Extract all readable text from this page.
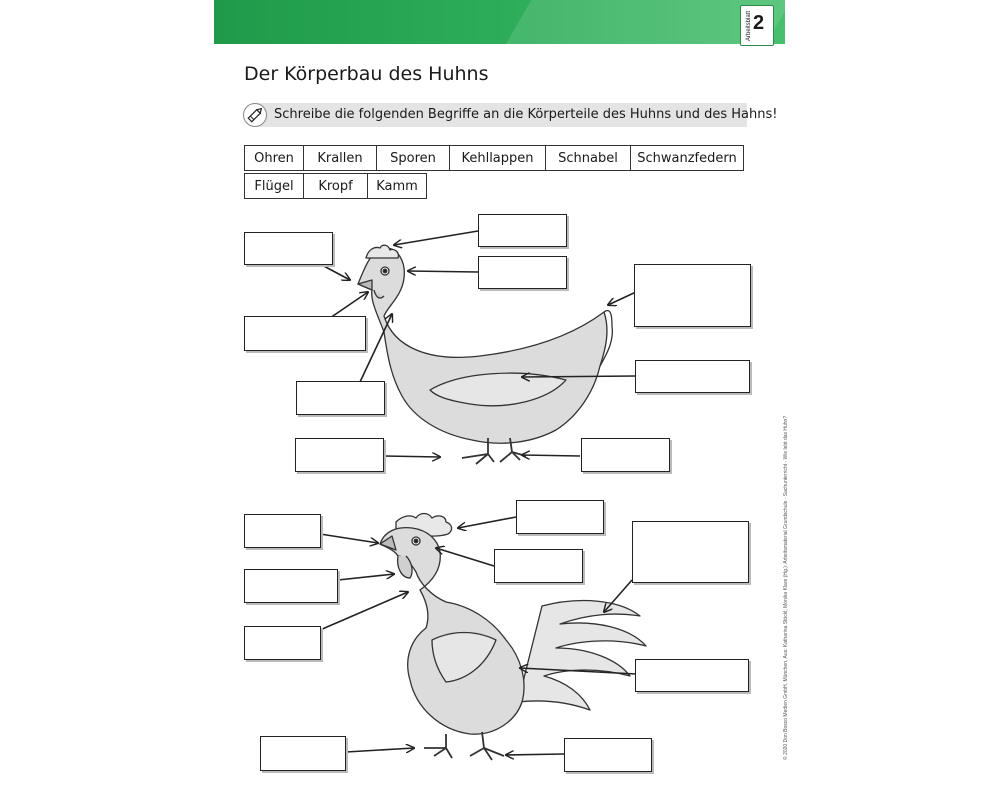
Arbeitsblatt 2
Der Körperbau des Huhns
Schreibe die folgenden Begriffe an die Körperteile des Huhns und des Hahns!
Ohren	Krallen	Sporen	Kehllappen	Schnabel	Schwanzfedern
Flügel	Kropf	Kamm
© 2020 Don Bosco Medien GmbH, München, Aus: Katharina Stöckl, Monika Klare (Hg.): Arbeitsmaterial Grundschule · Sachunterricht · Wie lebt das Huhn?
